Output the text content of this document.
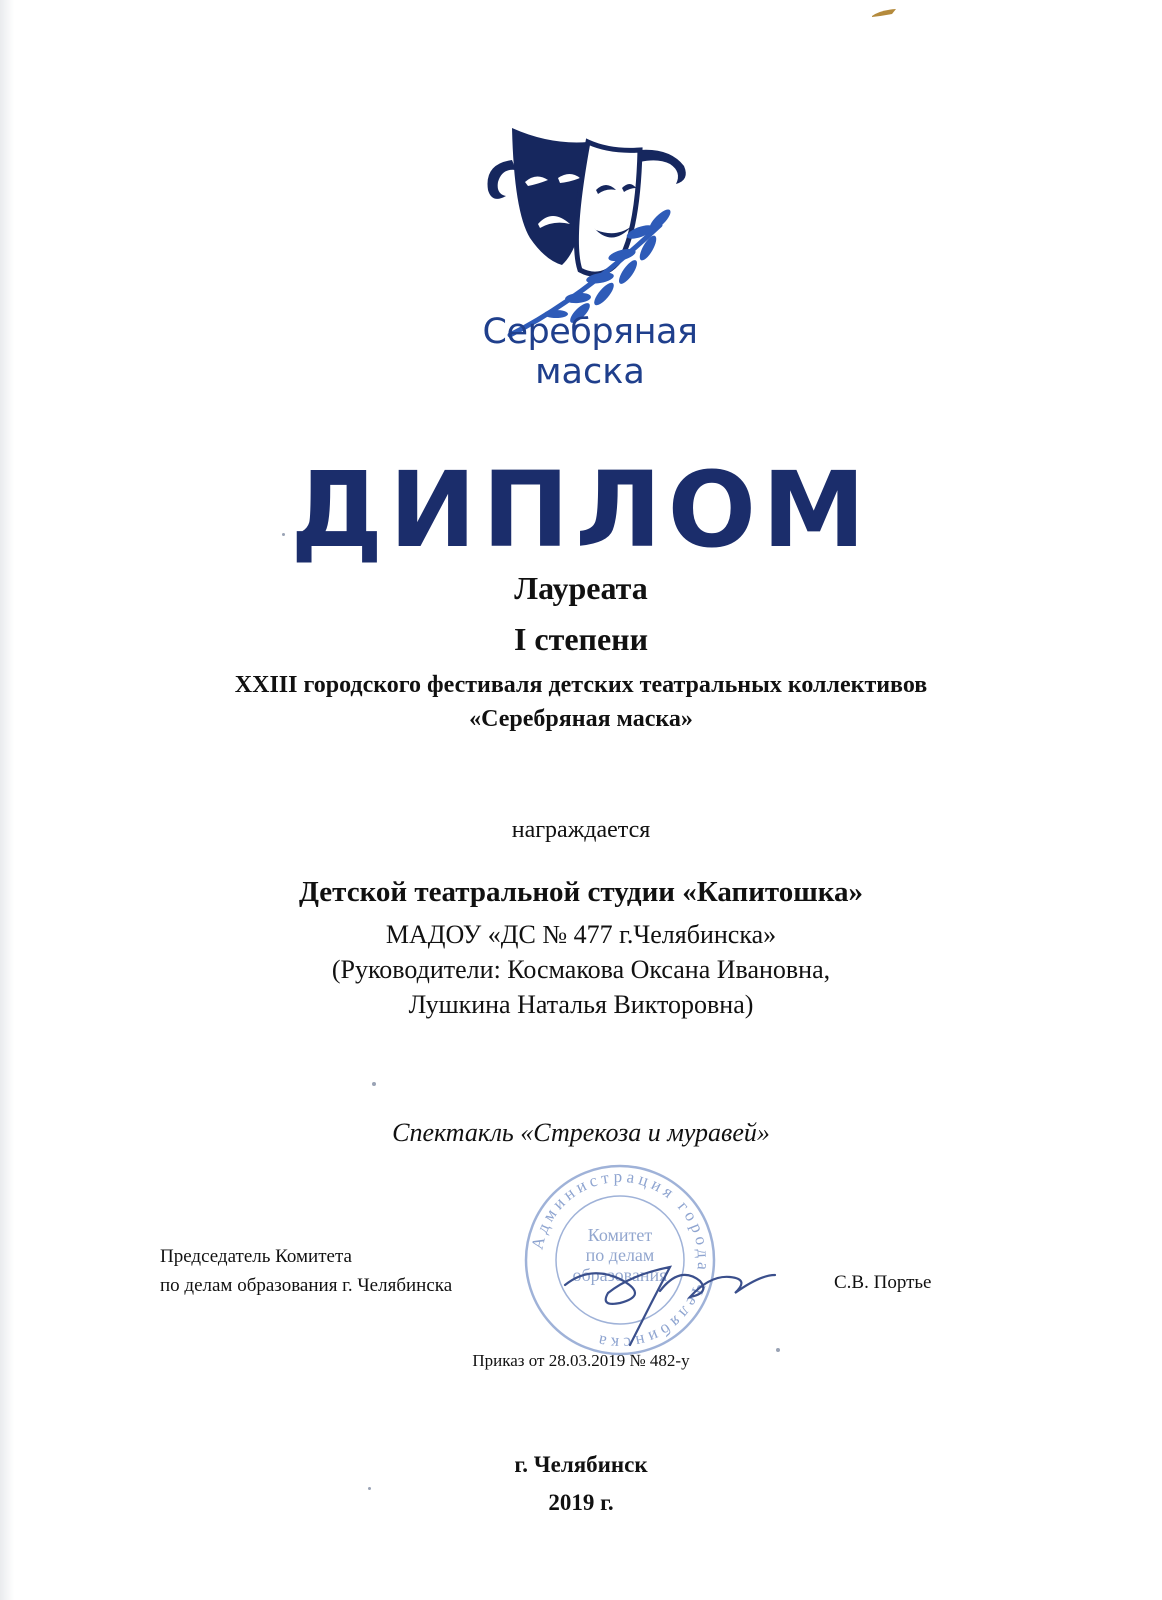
Серебряная
маска
ДИПЛОМ
Лауреата
I степени
XXIII городского фестиваля детских театральных коллективов
«Серебряная маска»
награждается
Детской театральной студии «Капитошка»
МАДОУ «ДС № 477 г.Челябинска»
(Руководители: Космакова Оксана Ивановна,
Лушкина Наталья Викторовна)
Спектакль «Стрекоза и муравей»
Администрация города Челябинска
Комитет
по делам
образования
Председатель Комитета
по делам образования г. Челябинска	С.В. Портье
Приказ от 28.03.2019 № 482-у
г. Челябинск
2019 г.
